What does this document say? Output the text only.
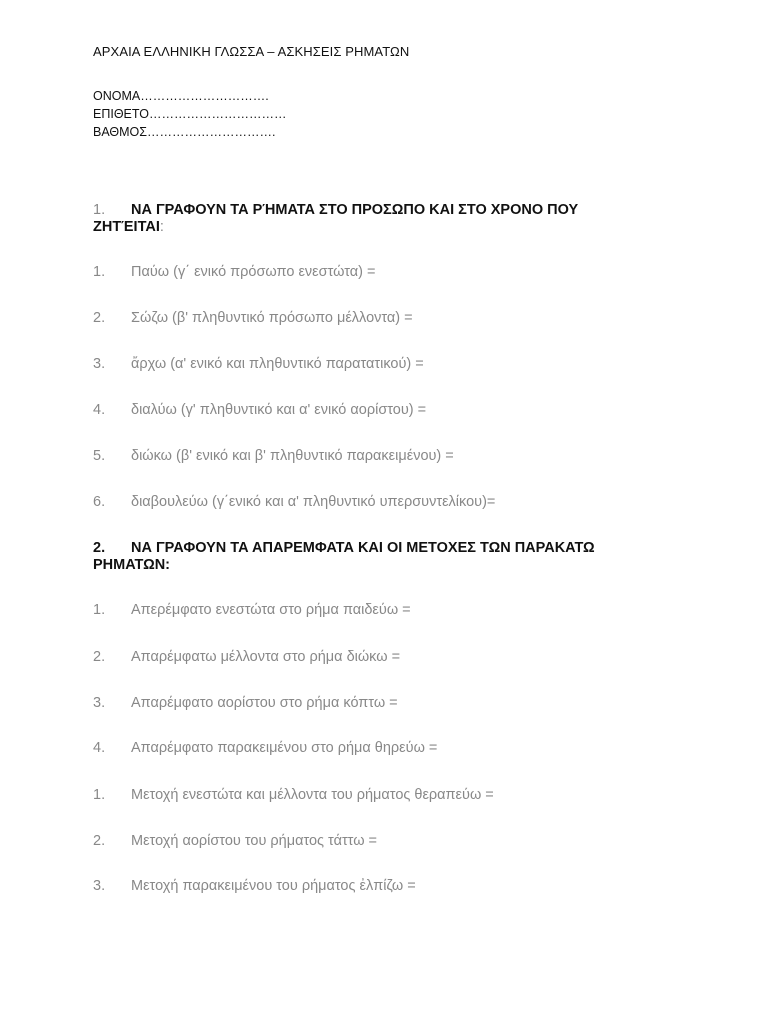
ΑΡΧΑΙΑ ΕΛΛΗΝΙΚΗ ΓΛΩΣΣΑ – ΑΣΚΗΣΕΙΣ ΡΗΜΑΤΩΝ
ΟΝΟΜΑ………………………….
ΕΠΙΘΕΤΟ……………………………
ΒΑΘΜΟΣ………………………….
1. ΝΑ ΓΡΑΦΟΥΝ ΤΑ ΡΉΜΑΤΑ ΣΤΟ ΠΡΟΣΩΠΟ ΚΑΙ ΣΤΟ ΧΡΟΝΟ ΠΟΥ
ΖΗΤΈΙΤΑΙ:
1. Παύω (γ΄ ενικό πρόσωπο ενεστώτα) =
2. Σώζω (β' πληθυντικό πρόσωπο μέλλοντα) =
3. ἄρχω (α' ενικό και πληθυντικό παρατατικού) =
4. διαλύω (γ' πληθυντικό και α' ενικό αορίστου) =
5. διώκω (β' ενικό και β' πληθυντικό παρακειμένου) =
6. διαβουλεύω (γ΄ενικό και α' πληθυντικό υπερσυντελίκου)=
2. ΝΑ ΓΡΑΦΟΥΝ ΤΑ ΑΠΑΡΕΜΦΑΤΑ ΚΑΙ ΟΙ ΜΕΤΟΧΕΣ ΤΩΝ ΠΑΡΑΚΑΤΩ
ΡΗΜΑΤΩΝ:
1. Απερέμφατο ενεστώτα στο ρήμα παιδεύω =
2. Απαρέμφατω μέλλοντα στο ρήμα διώκω =
3. Απαρέμφατο αορίστου στο ρήμα κόπτω =
4. Απαρέμφατο παρακειμένου στο ρήμα θηρεύω =
1. Μετοχή ενεστώτα και μέλλοντα του ρήματος θεραπεύω =
2. Μετοχή αορίστου του ρήματος τάττω =
3. Μετοχή παρακειμένου του ρήματος ἐλπίζω =
